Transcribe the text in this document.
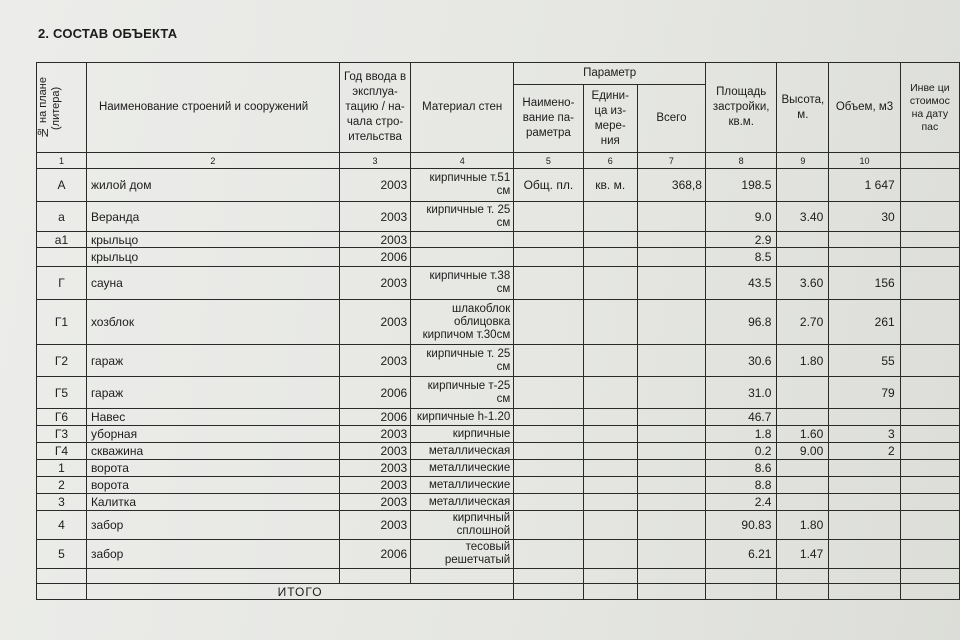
2. СОСТАВ ОБЪЕКТА
№ на плане (литера)	Наименование строений и сооружений	Год ввода в эксплуа-тацию / на-чала стро-ительства	Материал стен	Параметр			Площадь застройки, кв.м.	Высота, м.	Объем, м3	Инве ци стоимос на дату пас
				Наимено-вание па-раметра	Едини-ца из-мере-ния	Всего				
1	2	3	4	5	6	7	8	9	10	
А	жилой дом	2003	кирпичные т.51 см	Общ. пл.	кв. м.	368,8	198.5		1 647	
а	Веранда	2003	кирпичные т. 25 см				9.0	3.40	30	
а1	крыльцо	2003					2.9			
	крыльцо	2006					8.5			
Г	сауна	2003	кирпичные т.38 см				43.5	3.60	156	
Г1	хозблок	2003	шлакоблок облицовка кирпичом т.30см				96.8	2.70	261	
Г2	гараж	2003	кирпичные т. 25 см				30.6	1.80	55	
Г5	гараж	2006	кирпичные т-25 см				31.0		79	
Г6	Навес	2006	кирпичные h-1.20				46.7			
Г3	уборная	2003	кирпичные				1.8	1.60	3	
Г4	скважина	2003	металлическая				0.2	9.00	2	
1	ворота	2003	металлические				8.6			
2	ворота	2003	металлические				8.8			
3	Калитка	2003	металлическая				2.4			
4	забор	2003	кирпичный сплошной				90.83	1.80		
5	забор	2006	тесовый решетчатый				6.21	1.47		

	ИТОГО									
